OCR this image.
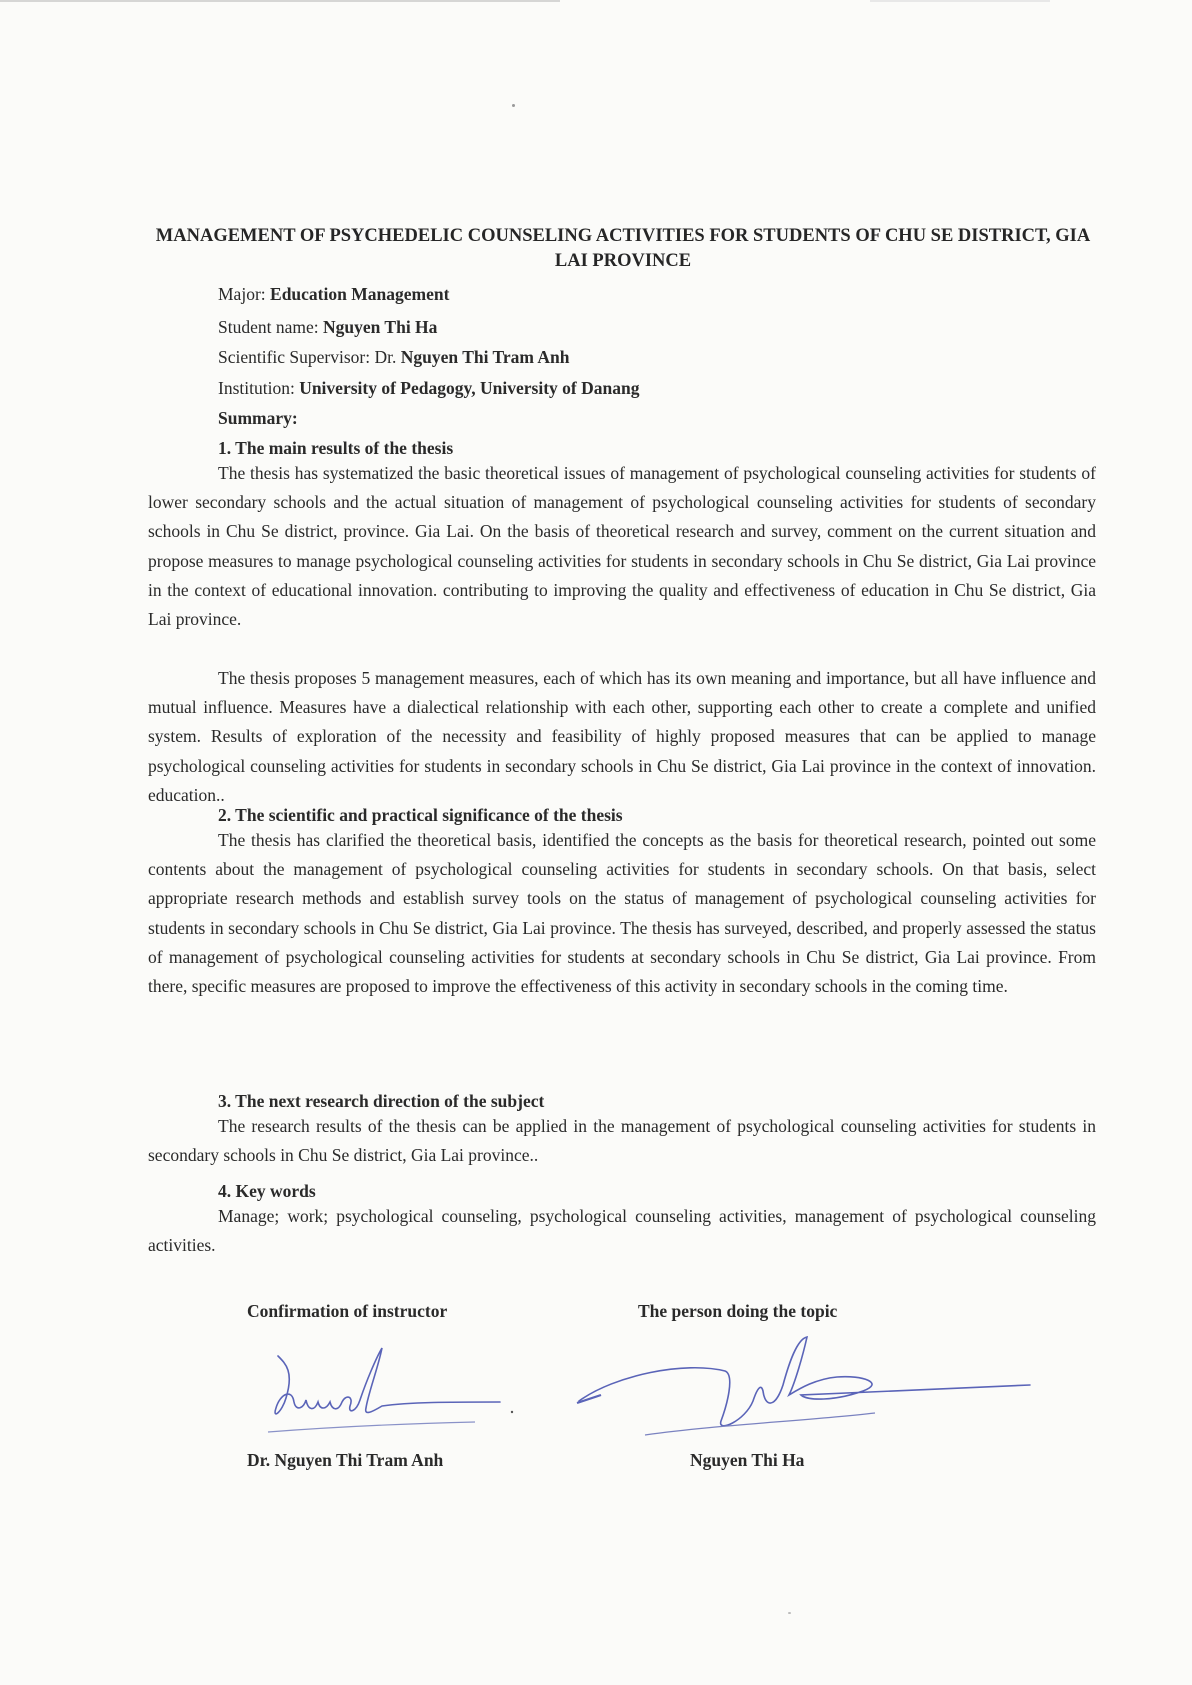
MANAGEMENT OF PSYCHEDELIC COUNSELING ACTIVITIES FOR STUDENTS OF CHU SE DISTRICT, GIA LAI PROVINCE
Major: Education Management
Student name: Nguyen Thi Ha
Scientific Supervisor: Dr. Nguyen Thi Tram Anh
Institution: University of Pedagogy, University of Danang
Summary:
1. The main results of the thesis
The thesis has systematized the basic theoretical issues of management of psychological counseling activities for students of lower secondary schools and the actual situation of management of psychological counseling activities for students of secondary schools in Chu Se district, province. Gia Lai. On the basis of theoretical research and survey, comment on the current situation and propose measures to manage psychological counseling activities for students in secondary schools in Chu Se district, Gia Lai province in the context of educational innovation. contributing to improving the quality and effectiveness of education in Chu Se district, Gia Lai province.
The thesis proposes 5 management measures, each of which has its own meaning and importance, but all have influence and mutual influence. Measures have a dialectical relationship with each other, supporting each other to create a complete and unified system. Results of exploration of the necessity and feasibility of highly proposed measures that can be applied to manage psychological counseling activities for students in secondary schools in Chu Se district, Gia Lai province in the context of innovation. education..
2. The scientific and practical significance of the thesis
The thesis has clarified the theoretical basis, identified the concepts as the basis for theoretical research, pointed out some contents about the management of psychological counseling activities for students in secondary schools. On that basis, select appropriate research methods and establish survey tools on the status of management of psychological counseling activities for students in secondary schools in Chu Se district, Gia Lai province. The thesis has surveyed, described, and properly assessed the status of management of psychological counseling activities for students at secondary schools in Chu Se district, Gia Lai province. From there, specific measures are proposed to improve the effectiveness of this activity in secondary schools in the coming time.
3. The next research direction of the subject
The research results of the thesis can be applied in the management of psychological counseling activities for students in secondary schools in Chu Se district, Gia Lai province..
4. Key words
Manage; work; psychological counseling, psychological counseling activities, management of psychological counseling activities.
Confirmation of instructor	The person doing the topic
Dr. Nguyen Thi Tram Anh	Nguyen Thi Ha
